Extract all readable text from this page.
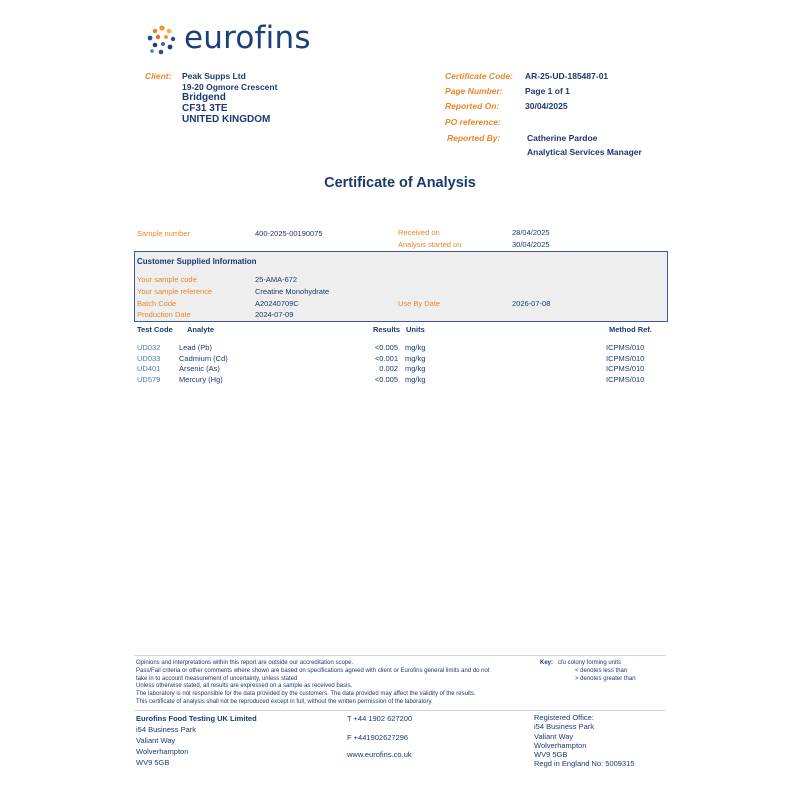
eurofins
Client: Peak Supps Ltd
19-20 Ogmore Crescent
Bridgend
CF31 3TE
UNITED KINGDOM
Certificate Code: AR-25-UD-185487-01
Page Number:	Page 1 of 1
Reported On:	30/04/2025
PO reference:
Reported By:	Catherine Pardoe
Analytical Services Manager
Certificate of Analysis
Sample number	400-2025-00190075	Received on	28/04/2025
Analysis started on	30/04/2025
Customer Supplied Information
Your sample code	25-AMA-672
Your sample reference	Creatine Monohydrate
Batch Code	A20240709C	Use By Date	2026-07-08
Production Date	2024-07-09
Test Code Analyte	Results Units	Method Ref.
UD032 Lead (Pb)	<0.005 mg/kg	ICPMS/010
UD033 Cadmium (Cd)	<0.001 mg/kg	ICPMS/010
UD401 Arsenic (As)	0.002 mg/kg	ICPMS/010
UD579 Mercury (Hg)	<0.005 mg/kg	ICPMS/010
Opinions and interpretations within this report are outside our accreditation scope.
Pass/Fail criteria or other comments where shown are based on specifications agreed with client or Eurofins general limits and do not
take in to account measurement of uncertainty, unless stated
Unless otherwise stated, all results are expressed on a sample as received basis.
The laboratory is not responsible for the data provided by the customers. The data provided may affect the validity of the results.
This certificate of analysis shall not be reproduced except in full, without the written permission of the laboratory.
Key: cfu colony forming units
< denotes less than
> denotes greater than
Eurofins Food Testing UK Limited
i54 Business Park
Valiant Way
Wolverhampton
WV9 5GB
T +44 1902 627200
F +441902627296
www.eurofins.co.uk
Registered Office:
i54 Business Park
Valiant Way
Wolverhampton
WV9 5GB
Regd in England No: 5009315
